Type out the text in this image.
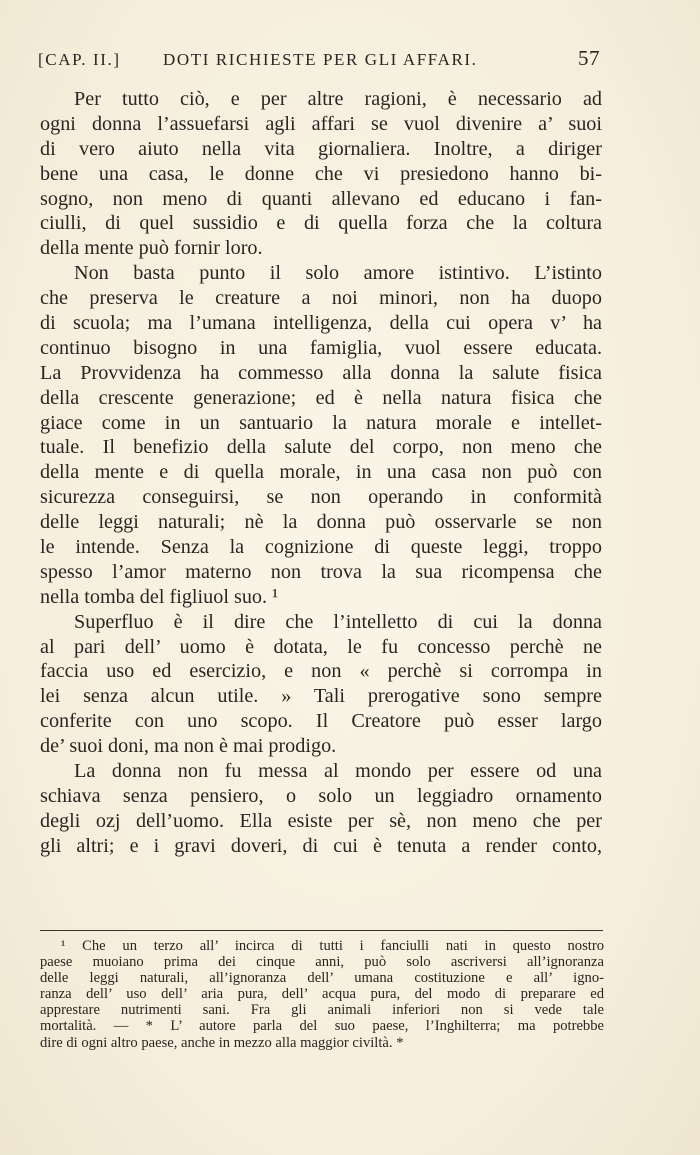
[CAP. II.] DOTI RICHIESTE PER GLI AFFARI.	57
Per tutto ciò, e per altre ragioni, è necessario ad
ogni donna l’assuefarsi agli affari se vuol divenire a’ suoi
di vero aiuto nella vita giornaliera. Inoltre, a diriger
bene una casa, le donne che vi presiedono hanno bi-
sogno, non meno di quanti allevano ed educano i fan-
ciulli, di quel sussidio e di quella forza che la coltura
della mente può fornir loro.
Non basta punto il solo amore istintivo. L’istinto
che preserva le creature a noi minori, non ha duopo
di scuola; ma l’umana intelligenza, della cui opera v’ ha
continuo bisogno in una famiglia, vuol essere educata.
La Provvidenza ha commesso alla donna la salute fisica
della crescente generazione; ed è nella natura fisica che
giace come in un santuario la natura morale e intellet-
tuale. Il benefizio della salute del corpo, non meno che
della mente e di quella morale, in una casa non può con
sicurezza conseguirsi, se non operando in conformità
delle leggi naturali; nè la donna può osservarle se non
le intende. Senza la cognizione di queste leggi, troppo
spesso l’amor materno non trova la sua ricompensa che
nella tomba del figliuol suo. ¹
Superfluo è il dire che l’intelletto di cui la donna
al pari dell’ uomo è dotata, le fu concesso perchè ne
faccia uso ed esercizio, e non « perchè si corrompa in
lei senza alcun utile. » Tali prerogative sono sempre
conferite con uno scopo. Il Creatore può esser largo
de’ suoi doni, ma non è mai prodigo.
La donna non fu messa al mondo per essere od una
schiava senza pensiero, o solo un leggiadro ornamento
degli ozj dell’uomo. Ella esiste per sè, non meno che per
gli altri; e i gravi doveri, di cui è tenuta a render conto,
¹ Che un terzo all’ incirca di tutti i fanciulli nati in questo nostro
paese muoiano prima dei cinque anni, può solo ascriversi all’ignoranza
delle leggi naturali, all’ignoranza dell’ umana costituzione e all’ igno-
ranza dell’ uso dell’ aria pura, dell’ acqua pura, del modo di preparare ed
apprestare nutrimenti sani. Fra gli animali inferiori non si vede tale
mortalità. — * L’ autore parla del suo paese, l’Inghilterra; ma potrebbe
dire di ogni altro paese, anche in mezzo alla maggior civiltà. *
